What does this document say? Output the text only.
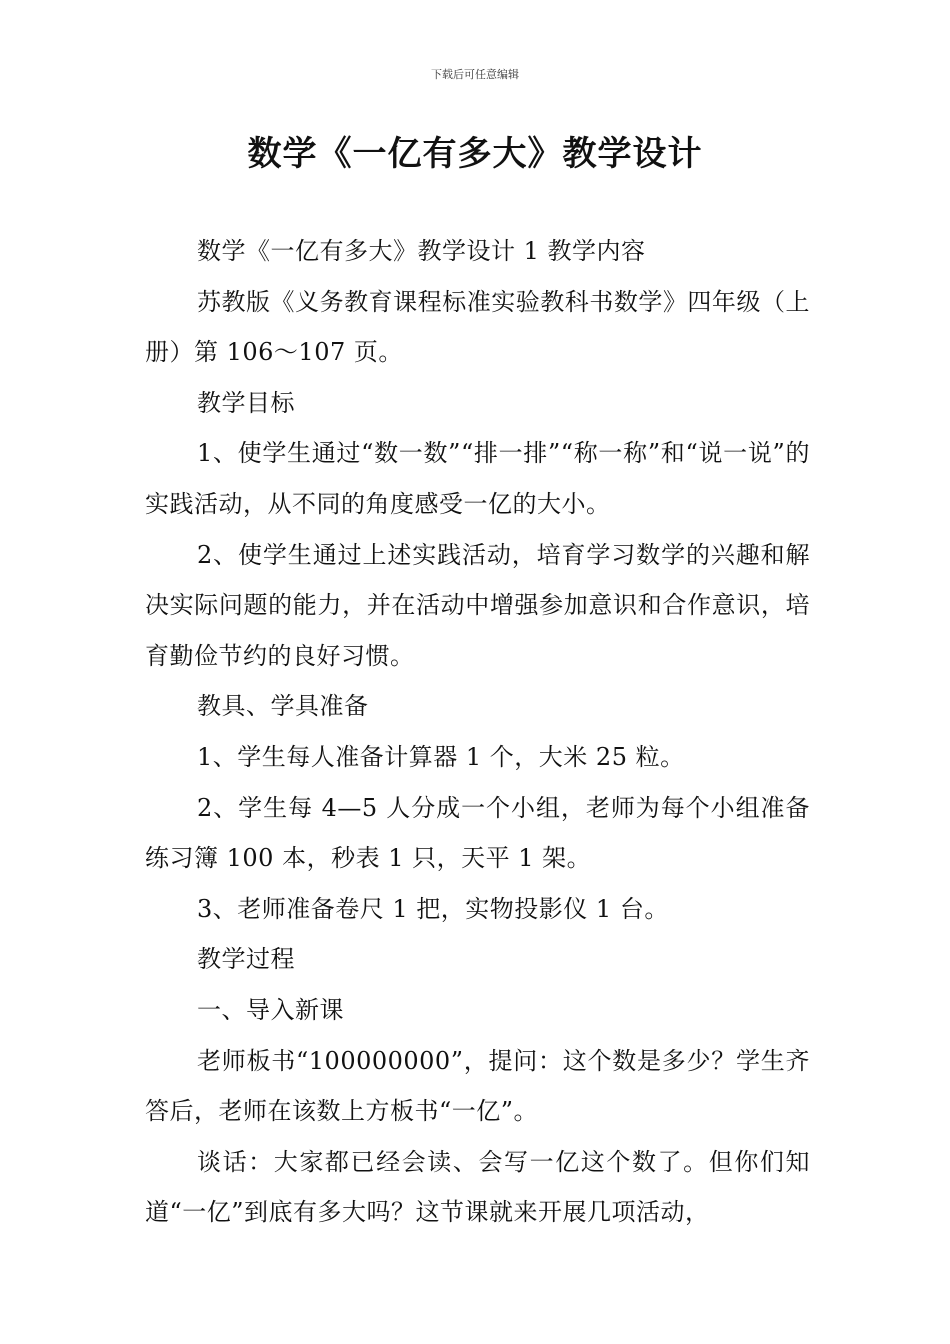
下载后可任意编辑
数学《一亿有多大》教学设计

数学《一亿有多大》教学设计 1 教学内容

苏教版《义务教育课程标准实验教科书数学》四年级（上册）第 106～107 页。

教学目标

1、使学生通过“数一数”“排一排”“称一称”和“说一说”的实践活动，从不同的角度感受一亿的大小。

2、使学生通过上述实践活动，培育学习数学的兴趣和解决实际问题的能力，并在活动中增强参加意识和合作意识，培育勤俭节约的良好习惯。

教具、学具准备

1、学生每人准备计算器 1 个，大米 25 粒。

2、学生每 4—5 人分成一个小组，老师为每个小组准备练习簿 100 本，秒表 1 只，天平 1 架。

3、老师准备卷尺 1 把，实物投影仪 1 台。

教学过程

一、导入新课

老师板书“100000000”，提问：这个数是多少？学生齐答后，老师在该数上方板书“一亿”。

谈话：大家都已经会读、会写一亿这个数了。但你们知道“一亿”到底有多大吗？这节课就来开展几项活动，
